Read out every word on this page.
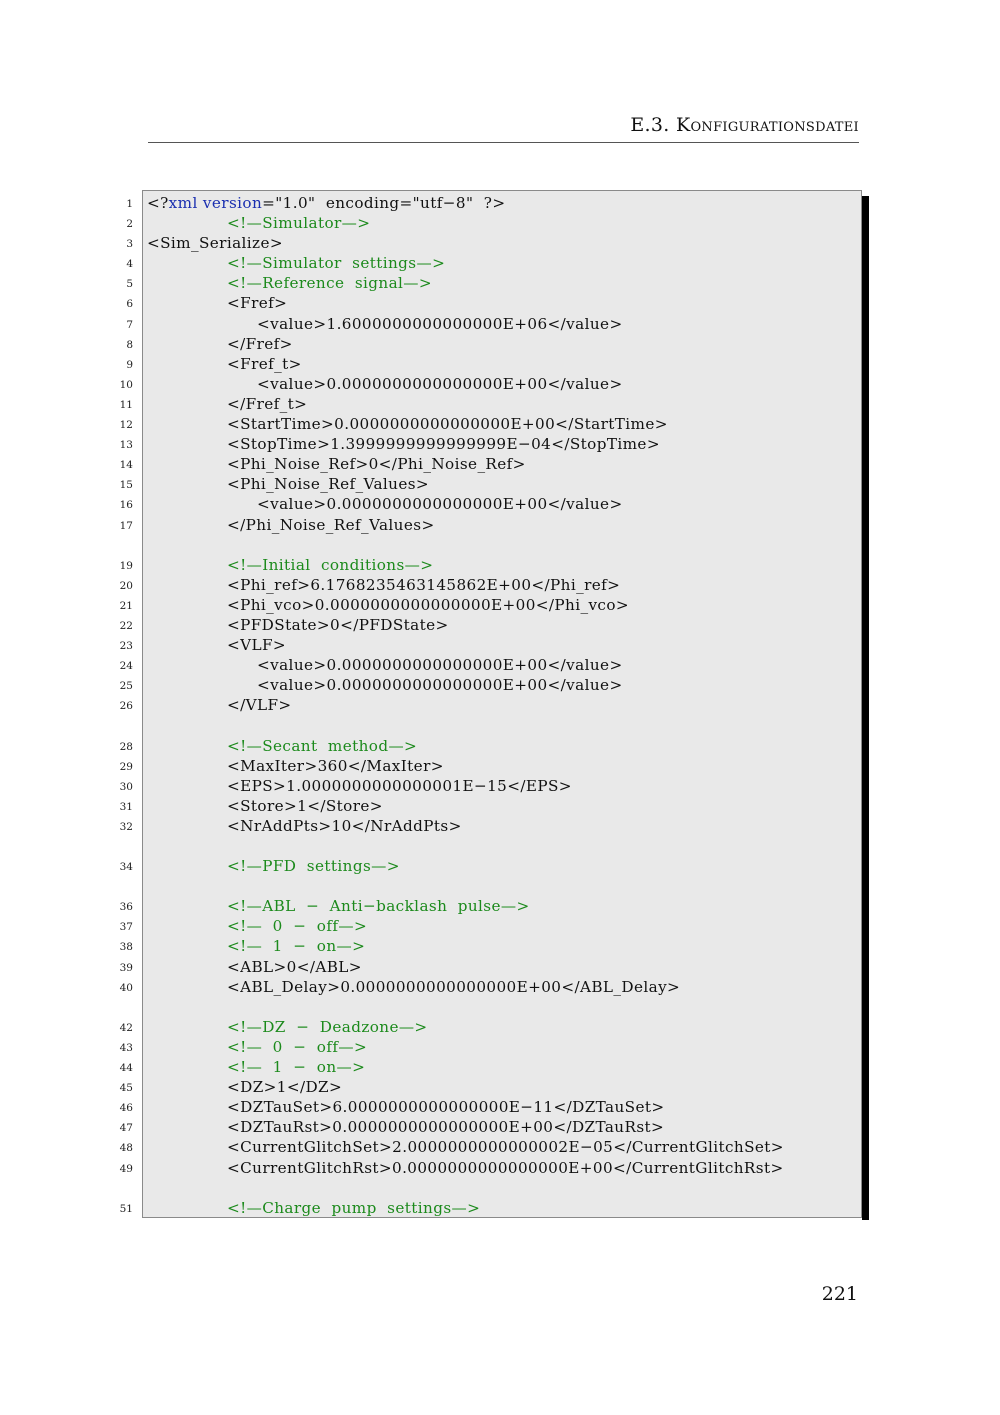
E.3. Konfigurationsdatei

1

<?xml version="1.0"  encoding="utf−8"  ?>

2

	<!—Simulator—>

3

<Sim_Serialize>

4

	<!—Simulator  settings—>

5

	<!—Reference  signal—>

6

	<Fref>

7

	<value>1.6000000000000000E+06</value>

8

	</Fref>

9

	<Fref_t>

10

	<value>0.0000000000000000E+00</value>

11

	</Fref_t>

12

	<StartTime>0.0000000000000000E+00</StartTime>

13

	<StopTime>1.3999999999999999E−04</StopTime>

14

	<Phi_Noise_Ref>0</Phi_Noise_Ref>

15

	<Phi_Noise_Ref_Values>

16

	<value>0.0000000000000000E+00</value>

17

	</Phi_Noise_Ref_Values>

19

	<!—Initial  conditions—>

20

	<Phi_ref>6.1768235463145862E+00</Phi_ref>

21

	<Phi_vco>0.0000000000000000E+00</Phi_vco>

22

	<PFDState>0</PFDState>

23

	<VLF>

24

	<value>0.0000000000000000E+00</value>

25

	<value>0.0000000000000000E+00</value>

26

	</VLF>

28

	<!—Secant  method—>

29

	<MaxIter>360</MaxIter>

30

	<EPS>1.0000000000000001E−15</EPS>

31

	<Store>1</Store>

32

	<NrAddPts>10</NrAddPts>

34

	<!—PFD  settings—>

36

	<!—ABL  −  Anti−backlash  pulse—>

37

	<!—  0  −  off—>

38

	<!—  1  −  on—>

39

	<ABL>0</ABL>

40

	<ABL_Delay>0.0000000000000000E+00</ABL_Delay>

42

	<!—DZ  −  Deadzone—>

43

	<!—  0  −  off—>

44

	<!—  1  −  on—>

45

	<DZ>1</DZ>

46

	<DZTauSet>6.0000000000000000E−11</DZTauSet>

47

	<DZTauRst>0.0000000000000000E+00</DZTauRst>

48

	<CurrentGlitchSet>2.0000000000000002E−05</CurrentGlitchSet>

49

	<CurrentGlitchRst>0.0000000000000000E+00</CurrentGlitchRst>

51

	<!—Charge  pump  settings—>

221
